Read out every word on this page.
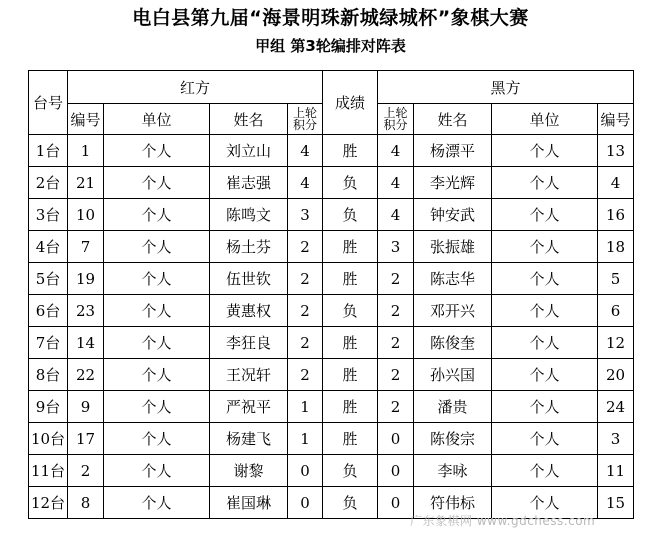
电白县第九届“海景明珠新城绿城杯”象棋大赛
甲组 第3轮编排对阵表
台号	红方				成绩	黑方			
	编号	单位	姓名	上轮积分		上轮积分	姓名	单位	编号
1台	1	个人	刘立山	4	胜	4	杨漂平	个人	13
2台	21	个人	崔志强	4	负	4	李光辉	个人	4
3台	10	个人	陈鸣文	3	负	4	钟安武	个人	16
4台	7	个人	杨土芬	2	胜	3	张振雄	个人	18
5台	19	个人	伍世钦	2	胜	2	陈志华	个人	5
6台	23	个人	黄惠权	2	负	2	邓开兴	个人	6
7台	14	个人	李狂良	2	胜	2	陈俊奎	个人	12
8台	22	个人	王况轩	2	胜	2	孙兴国	个人	20
9台	9	个人	严祝平	1	胜	2	潘贵	个人	24
10台	17	个人	杨建飞	1	胜	0	陈俊宗	个人	3
11台	2	个人	谢黎	0	负	0	李咏	个人	11
12台	8	个人	崔国琳	0	负	0	符伟标	个人	15
广东象棋网 www.gdchess.com
